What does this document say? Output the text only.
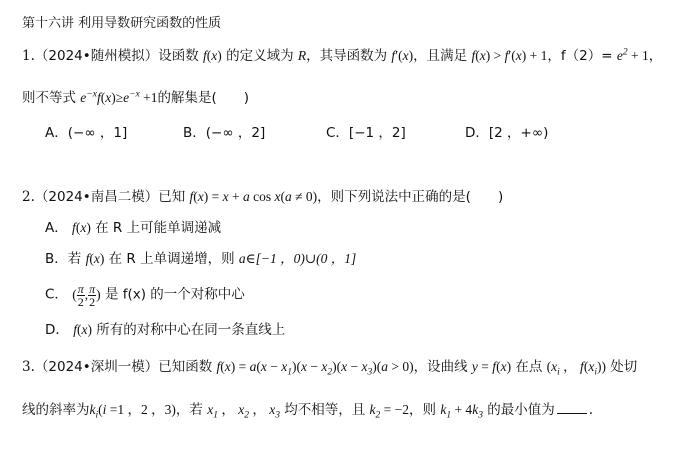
第十六讲 利用导数研究函数的性质
1.（2024•随州模拟）设函数 f(x) 的定义域为 R，其导函数为 f′(x)，且满足 f(x) > f′(x) + 1，$f(2)= e^2 + 1$，
则不等式 $e^{-x}f(x)\ge e^{-x} +1$的解集是(　　)
A．(−∞ ，1]	B．(−∞ ，2]	C．[−1 ，2]	D．[2 ，+∞)
2.（2024•南昌二模）已知 f(x) = x + a cos x(a ≠ 0)，则下列说法中正确的是(　　)
A． f(x) 在 R 上可能单调递减
B．若 f(x) 在 R 上单调递增，则 a∈[−1 ，0)∪(0 ，1]
C． ( $\frac{\pi}{2}$ , $\frac{\pi}{2}$ ) 是 f(x) 的一个对称中心
D． f(x) 所有的对称中心在同一条直线上
3.（2024•深圳一模）已知函数 $f(x) = a(x - x_1)(x - x_2)(x - x_3)(a > 0)$，设曲线 y = f(x) 在点 ($x_i$ ， $f(x_i)$) 处切
线的斜率为$k_i(i =1$ ，2 ，3)，若 $x_1$ ， $x_2$ ， $x_3$ 均不相等，且 $k_2 = -2$，则 $k_1 + 4k_3$ 的最小值为	.
